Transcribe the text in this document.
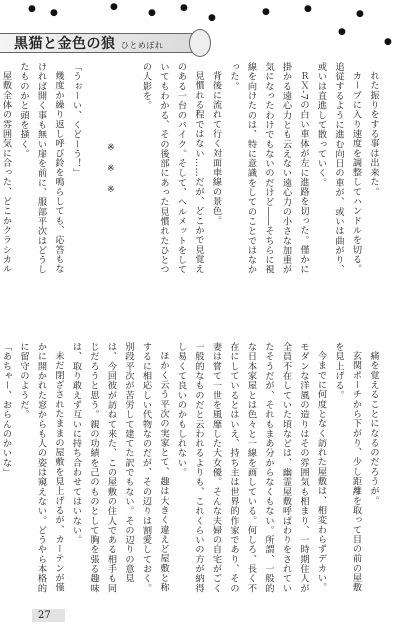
● ●
●
●	●
●	●	●	●
●
●
黒猫と金色の狼 ひとめぼれ
れた振りをする事は出来た。
カーブに入り速度を調整してハンドルを切る。追従するように進む向日の車が、或いは曲がり、或いは直進して散っていく。
ＲＸ-7の白い車体が左に進路を切った。僅かに掛かる遠心力とも云えない遠心力の小さな加重が気になったわけでもないのだけど――そちらに視線を向けたのは、特に意識をしてのことではなかった。
背後に流れて行く対面車線の景色。
見慣れる程ではない……だが、どこかで見覚えのある一台のバイク。そして、ヘルメットをしていてもわかる、その後部にあった見慣れたひとつの人影を。

※　※　※

「うぉーい、くどーう！」
幾度か繰り返し呼び鈴を鳴らしても、応答もなければ開く事も無い扉を前に、服部平次はどうしたものかと頭を掻く。
屋敷全体の雰囲気に合った、どこかクラシカル
痛を覚えることになるのだろうが。
玄関ポーチから下がり、少し距離を取って目の前の屋敷を見上げる。
今までに何度となく訪れた屋敷は、相変わらずデカい。モダンな洋風の造りはその雰囲気も相まり、一時期住人が全員不在していた頃などは、幽霊屋敷呼ばわりをされていたそうだが、それもまあ分からなくもない。所謂、一般的な日本家屋とは色々と一線を画している。何しろ、長く不在にしているとはいえ、持ち主は世界的作家であり、その妻は嘗て一世を風靡した大女優。そんな夫婦の自宅がごく一般的なものだと云われるよりも、これくらいの方が納得し易くて良いのかもしれない。
ほかく云う平次の実家とて、趣は大きく違えど屋敷と称するに相応しい代物なのだが、その辺りは割愛しておく。別段平次が苦労して建てた訳でもない。その辺りの意見は、今回彼が訪ねて来た、この屋敷の住人である相手も同じだろうと思う。親の功績を己のものとして胸を張る趣味は、取り敢えず互いに持ち合わせてはいない。
未だ閉ざされたままの屋敷を見上げるが、カーテンが僅かに開かれた窓からも人の姿は窺えない。どうやら本格的に留守のようだ。
「あちゃー、おらんのかいな」
27
